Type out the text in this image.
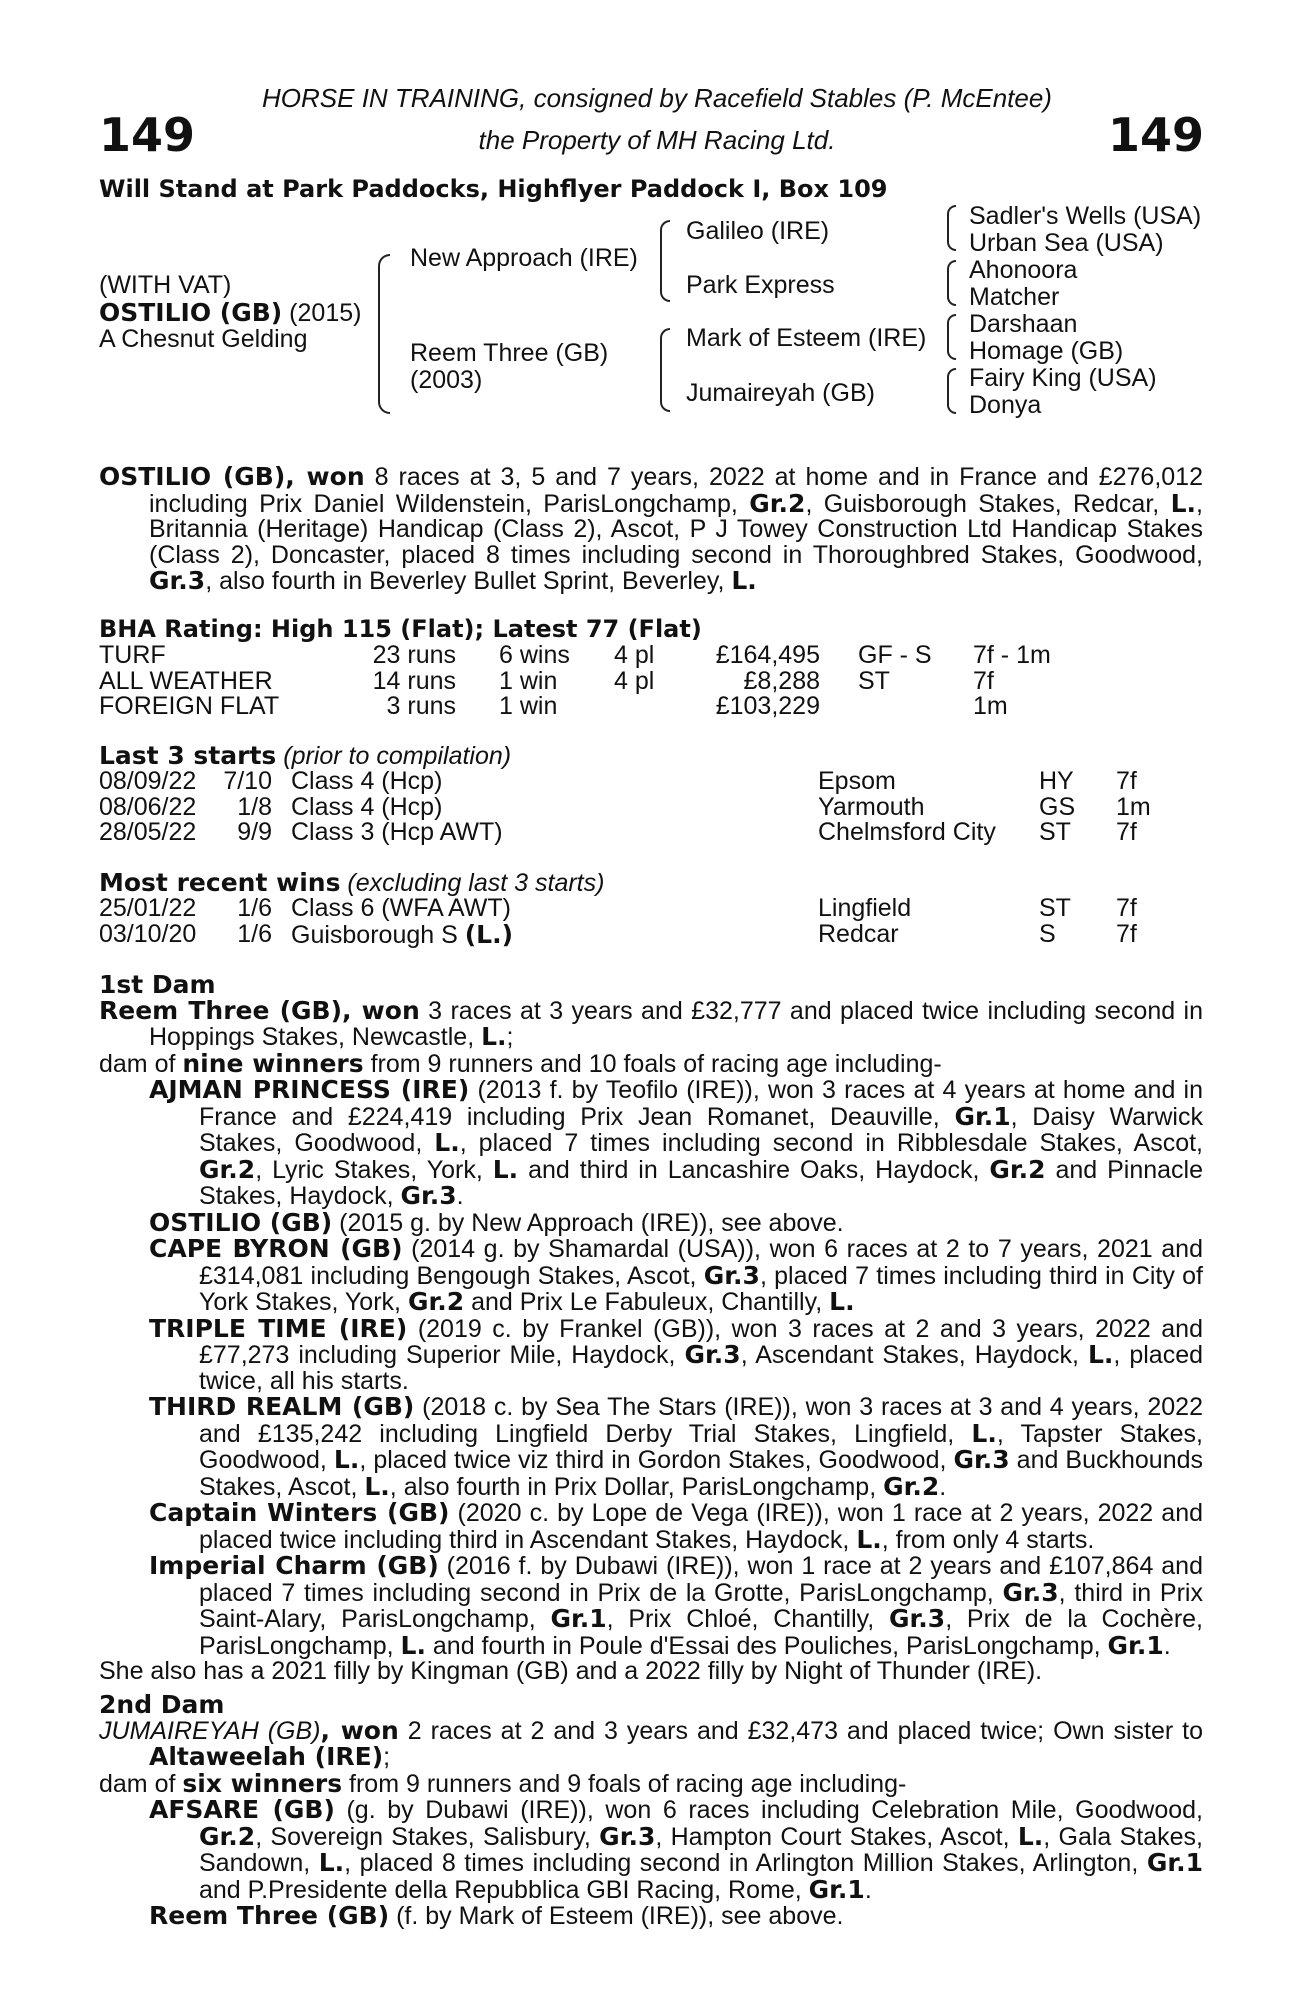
149	149
HORSE IN TRAINING, consigned by Racefield Stables (P. McEntee)
the Property of MH Racing Ltd.
Will Stand at Park Paddocks, Highflyer Paddock I, Box 109
(WITH VAT)
OSTILIO (GB) (2015)
A Chesnut Gelding
New Approach (IRE)
Reem Three (GB)
(2003)
Galileo (IRE)
Park Express
Mark of Esteem (IRE)
Jumaireyah (GB)
Sadler's Wells (USA)
Urban Sea (USA)
Ahonoora
Matcher
Darshaan
Homage (GB)
Fairy King (USA)
Donya

OSTILIO (GB), won 8 races at 3, 5 and 7 years, 2022 at home and in France and £276,012 including Prix Daniel Wildenstein, ParisLongchamp, Gr.2, Guisborough Stakes, Redcar, L., Britannia (Heritage) Handicap (Class 2), Ascot, P J Towey Construction Ltd Handicap Stakes (Class 2), Doncaster, placed 8 times including second in Thoroughbred Stakes, Goodwood, Gr.3, also fourth in Beverley Bullet Sprint, Beverley, L.

BHA Rating: High 115 (Flat); Latest 77 (Flat)
TURF	23 runs 6 wins 4 pl	£164,495 GF - S 7f - 1m
ALL WEATHER	14 runs 1 win 4 pl	£8,288 ST	7f
FOREIGN FLAT	3 runs 1 win	£103,229	1m
Last 3 starts (prior to compilation)
08/09/22	7/10 Class 4 (Hcp)	Epsom	HY 7f
08/06/22	1/8 Class 4 (Hcp)	Yarmouth	GS 1m
28/05/22	9/9 Class 3 (Hcp AWT)	Chelmsford City ST 7f
Most recent wins (excluding last 3 starts)
25/01/22	1/6 Class 6 (WFA AWT)	Lingfield	ST 7f
03/10/20	1/6 Guisborough S (L.)	Redcar	S 7f

1st Dam

Reem Three (GB), won 3 races at 3 years and £32,777 and placed twice including second in Hoppings Stakes, Newcastle, L.;

dam of nine winners from 9 runners and 10 foals of racing age including-

AJMAN PRINCESS (IRE) (2013 f. by Teofilo (IRE)), won 3 races at 4 years at home and in France and £224,419 including Prix Jean Romanet, Deauville, Gr.1, Daisy Warwick Stakes, Goodwood, L., placed 7 times including second in Ribblesdale Stakes, Ascot, Gr.2, Lyric Stakes, York, L. and third in Lancashire Oaks, Haydock, Gr.2 and Pinnacle Stakes, Haydock, Gr.3.

OSTILIO (GB) (2015 g. by New Approach (IRE)), see above.

CAPE BYRON (GB) (2014 g. by Shamardal (USA)), won 6 races at 2 to 7 years, 2021 and £314,081 including Bengough Stakes, Ascot, Gr.3, placed 7 times including third in City of York Stakes, York, Gr.2 and Prix Le Fabuleux, Chantilly, L.

TRIPLE TIME (IRE) (2019 c. by Frankel (GB)), won 3 races at 2 and 3 years, 2022 and £77,273 including Superior Mile, Haydock, Gr.3, Ascendant Stakes, Haydock, L., placed twice, all his starts.

THIRD REALM (GB) (2018 c. by Sea The Stars (IRE)), won 3 races at 3 and 4 years, 2022 and £135,242 including Lingfield Derby Trial Stakes, Lingfield, L., Tapster Stakes, Goodwood, L., placed twice viz third in Gordon Stakes, Goodwood, Gr.3 and Buckhounds Stakes, Ascot, L., also fourth in Prix Dollar, ParisLongchamp, Gr.2.

Captain Winters (GB) (2020 c. by Lope de Vega (IRE)), won 1 race at 2 years, 2022 and placed twice including third in Ascendant Stakes, Haydock, L., from only 4 starts.

Imperial Charm (GB) (2016 f. by Dubawi (IRE)), won 1 race at 2 years and £107,864 and placed 7 times including second in Prix de la Grotte, ParisLongchamp, Gr.3, third in Prix Saint-Alary, ParisLongchamp, Gr.1, Prix Chloé, Chantilly, Gr.3, Prix de la Cochère, ParisLongchamp, L. and fourth in Poule d'Essai des Pouliches, ParisLongchamp, Gr.1.

She also has a 2021 filly by Kingman (GB) and a 2022 filly by Night of Thunder (IRE).

2nd Dam

JUMAIREYAH (GB), won 2 races at 2 and 3 years and £32,473 and placed twice; Own sister to Altaweelah (IRE);

dam of six winners from 9 runners and 9 foals of racing age including-

AFSARE (GB) (g. by Dubawi (IRE)), won 6 races including Celebration Mile, Goodwood, Gr.2, Sovereign Stakes, Salisbury, Gr.3, Hampton Court Stakes, Ascot, L., Gala Stakes, Sandown, L., placed 8 times including second in Arlington Million Stakes, Arlington, Gr.1 and P.Presidente della Repubblica GBI Racing, Rome, Gr.1.

Reem Three (GB) (f. by Mark of Esteem (IRE)), see above.
